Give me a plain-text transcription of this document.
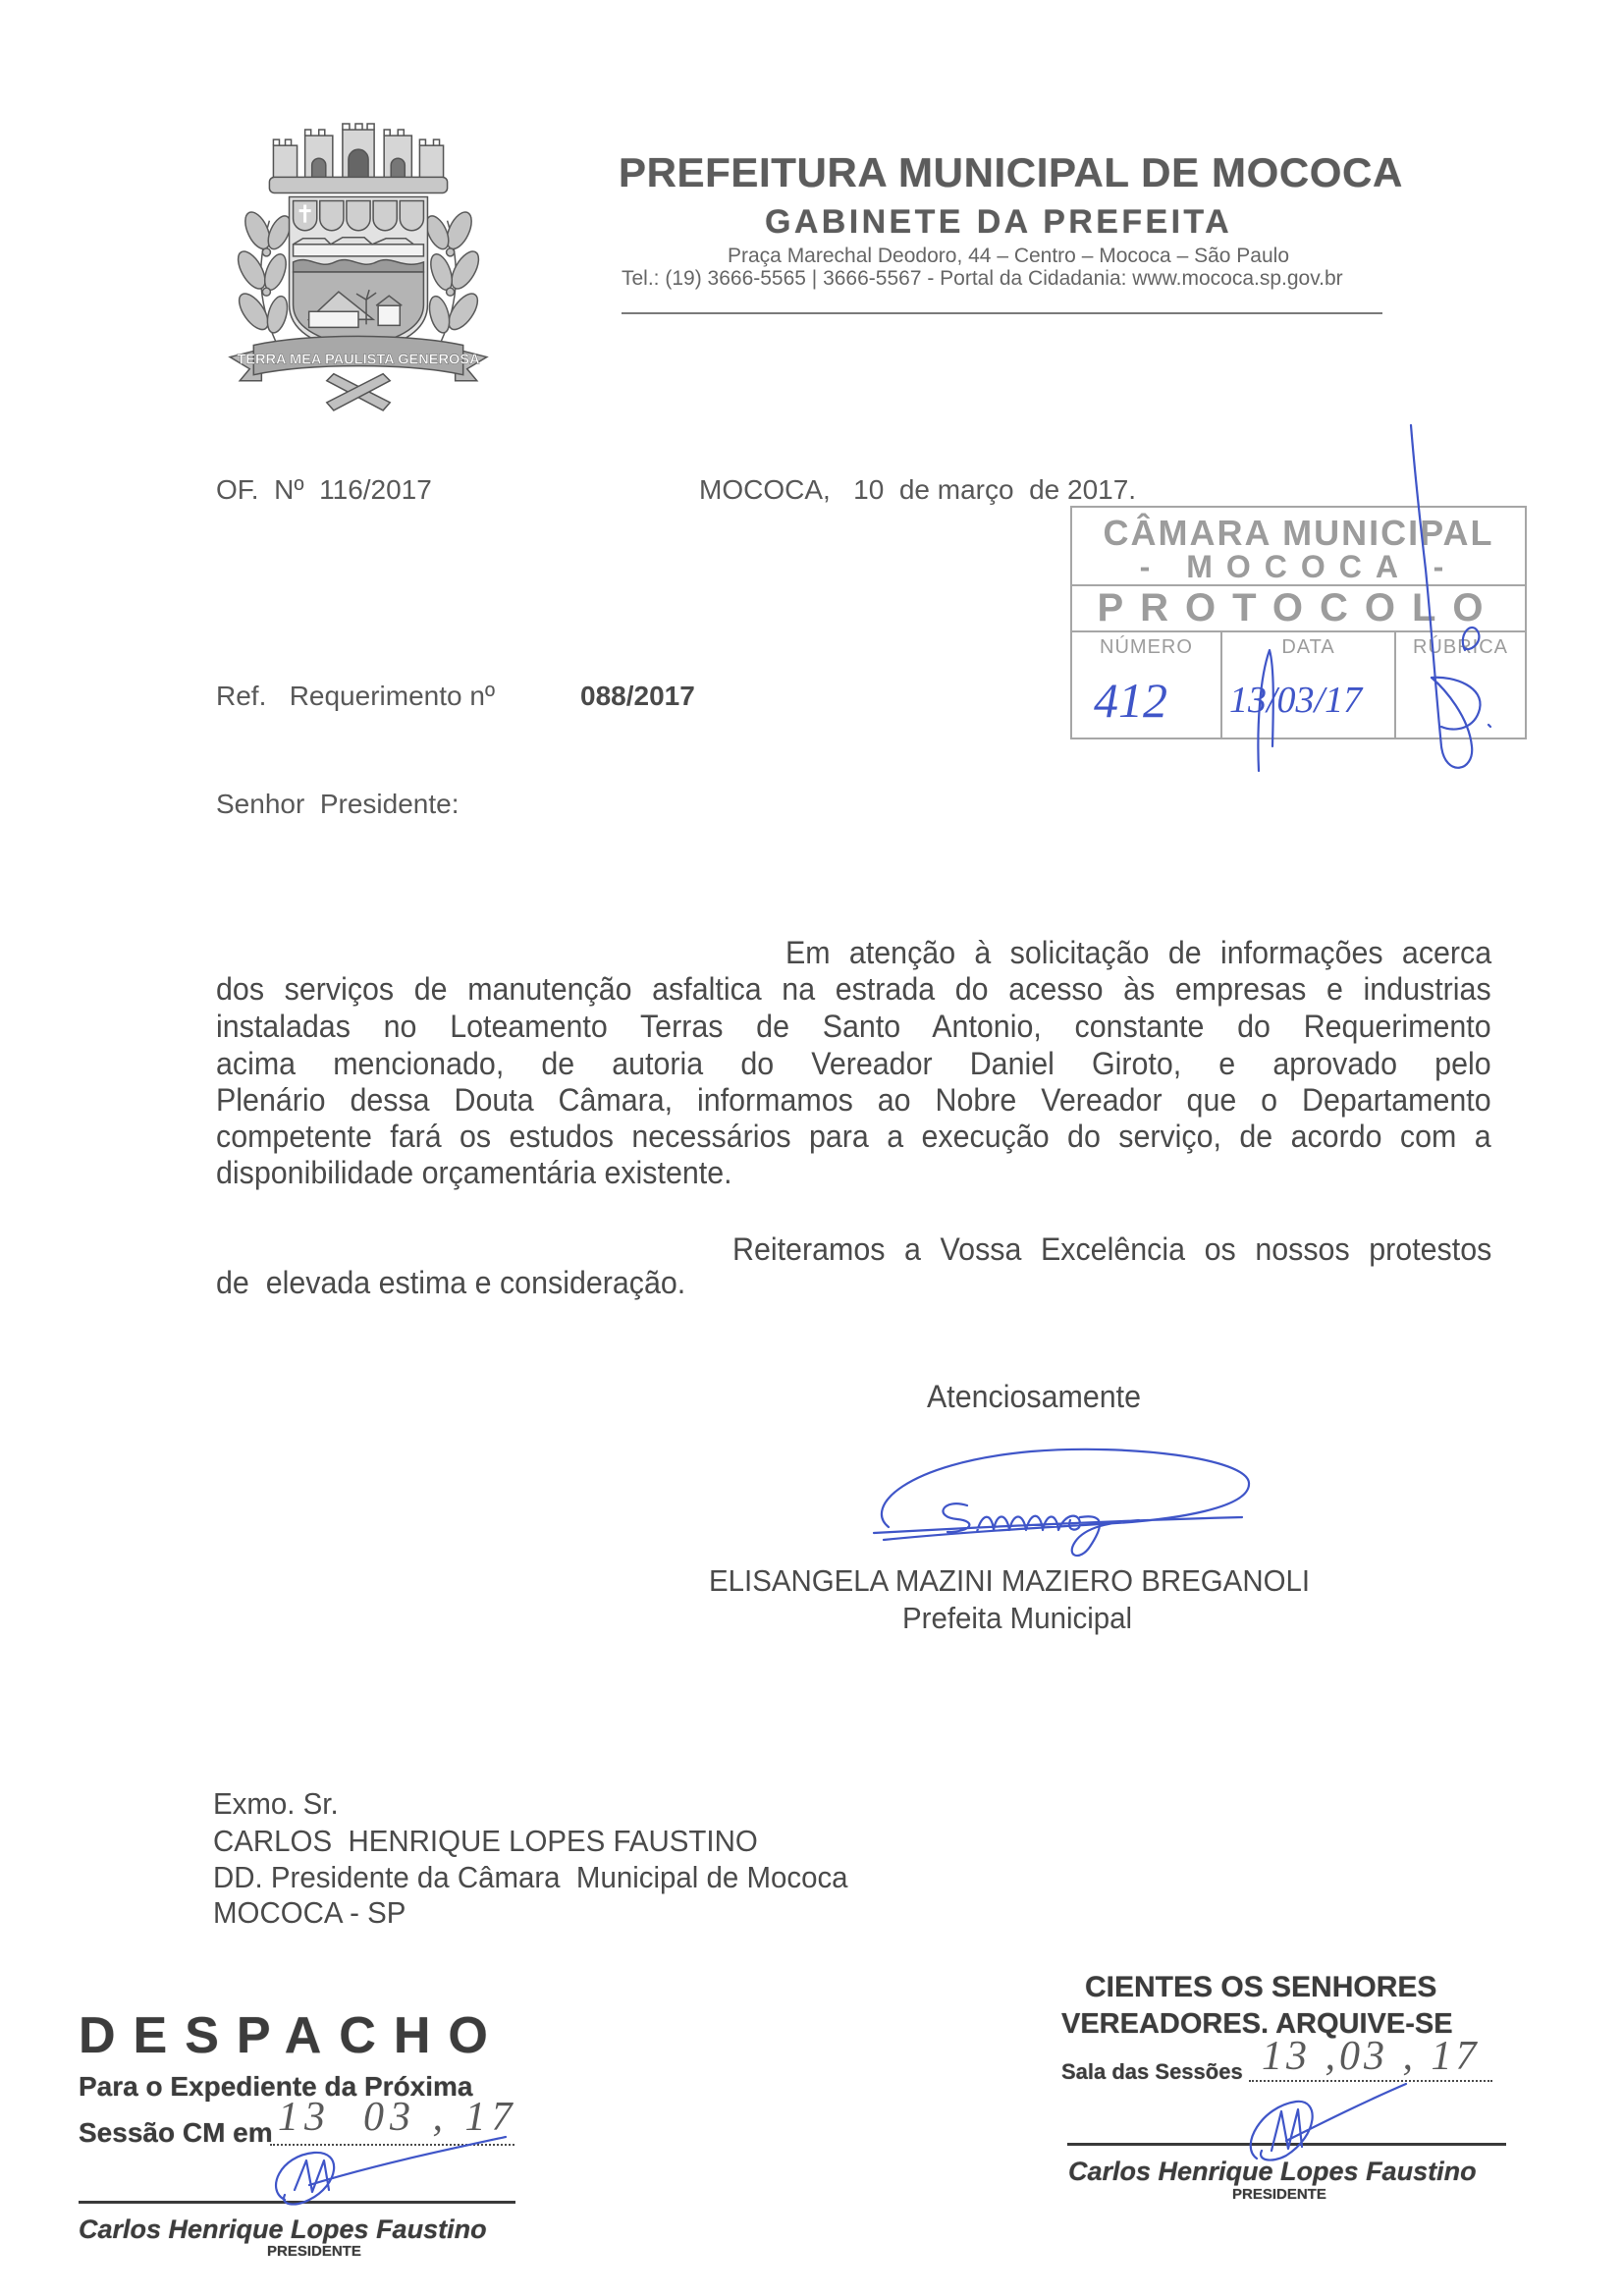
TERRA MEA PAULISTA GENEROSA
PREFEITURA MUNICIPAL DE MOCOCA
GABINETE DA PREFEITA
Praça Marechal Deodoro, 44 – Centro – Mococa – São Paulo
Tel.: (19) 3666-5565 | 3666-5567 - Portal da Cidadania: www.mococa.sp.gov.br
OF.  Nº  116/2017	MOCOCA,   10  de março  de 2017.
CÂMARA MUNICIPAL
- MOCOCA -
PROTOCOLO
NÚMERO	DATA	RÚBRICA
412 13/03/17
Ref.   Requerimento nº	088/2017
Senhor  Presidente:
Em atenção à solicitação de informações acerca
dos serviços de manutenção asfaltica na estrada do acesso às empresas e industrias
instaladas no Loteamento Terras de Santo Antonio, constante do Requerimento
acima mencionado, de autoria do Vereador Daniel Giroto, e aprovado pelo
Plenário dessa Douta Câmara, informamos ao Nobre Vereador que o Departamento
competente fará os estudos necessários para a execução do serviço, de acordo com a
disponibilidade orçamentária existente.
Reiteramos a Vossa Excelência os nossos protestos
de  elevada estima e consideração.
Atenciosamente
ELISANGELA MAZINI MAZIERO BREGANOLI
Prefeita Municipal
Exmo. Sr.
CARLOS  HENRIQUE LOPES FAUSTINO
DD. Presidente da Câmara  Municipal de Mococa
MOCOCA - SP
DESPACHO
Para o Expediente da Próxima
Sessão CM em 13  03 , 17
Carlos Henrique Lopes Faustino
PRESIDENTE
CIENTES OS SENHORES
VEREADORES. ARQUIVE-SE
Sala das Sessões 13 ,03 , 17
Carlos Henrique Lopes Faustino
PRESIDENTE
